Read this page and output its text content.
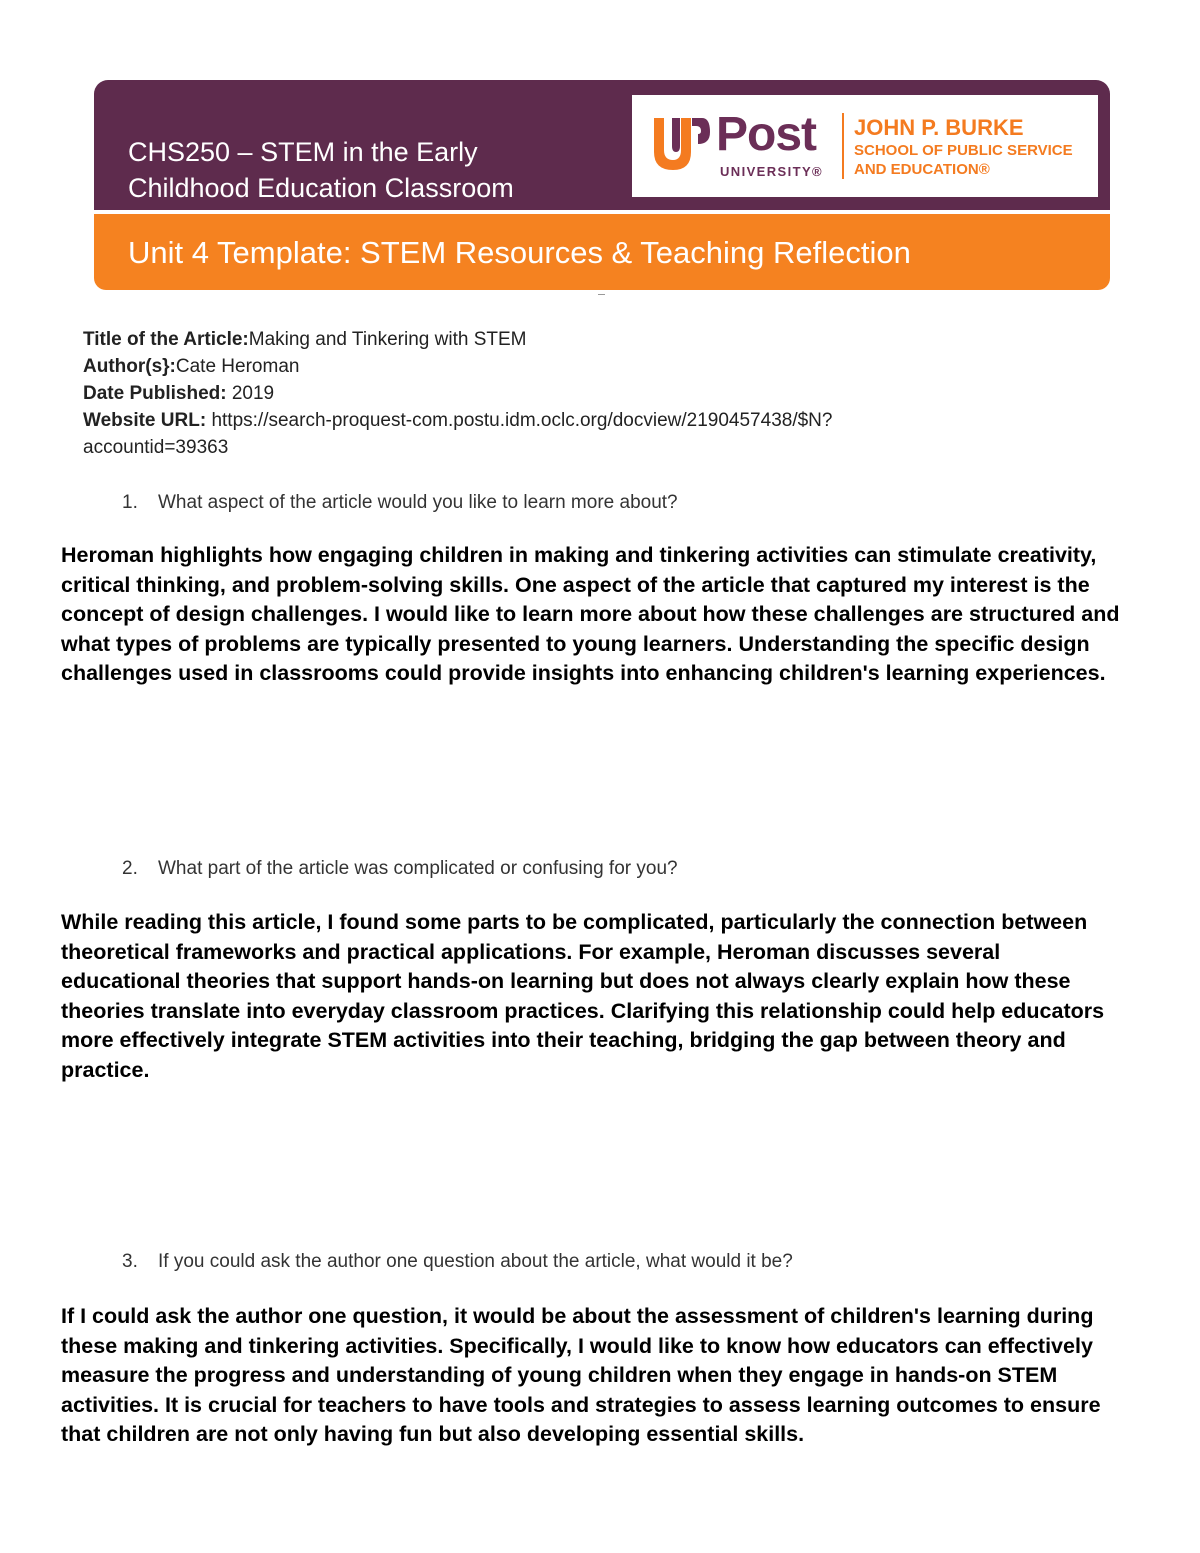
CHS250 – STEM in the Early Childhood Education Classroom
Post
UNIVERSITY®
JOHN P. BURKE
SCHOOL OF PUBLIC SERVICE
AND EDUCATION®
Unit 4 Template: STEM Resources & Teaching Reflection
Title of the Article:Making and Tinkering with STEM
Author(s}:Cate Heroman
Date Published: 2019
Website URL: https://search-proquest-com.postu.idm.oclc.org/docview/2190457438/$N?
accountid=39363
1. What aspect of the article would you like to learn more about?
Heroman highlights how engaging children in making and tinkering activities can stimulate creativity, critical thinking, and problem-solving skills. One aspect of the article that captured my interest is the concept of design challenges. I would like to learn more about how these challenges are structured and what types of problems are typically presented to young learners. Understanding the specific design challenges used in classrooms could provide insights into enhancing children's learning experiences.
2. What part of the article was complicated or confusing for you?
While reading this article, I found some parts to be complicated, particularly the connection between theoretical frameworks and practical applications. For example, Heroman discusses several educational theories that support hands-on learning but does not always clearly explain how these theories translate into everyday classroom practices. Clarifying this relationship could help educators more effectively integrate STEM activities into their teaching, bridging the gap between theory and practice.
3. If you could ask the author one question about the article, what would it be?
If I could ask the author one question, it would be about the assessment of children's learning during these making and tinkering activities. Specifically, I would like to know how educators can effectively measure the progress and understanding of young children when they engage in hands-on STEM activities. It is crucial for teachers to have tools and strategies to assess learning outcomes to ensure that children are not only having fun but also developing essential skills.
